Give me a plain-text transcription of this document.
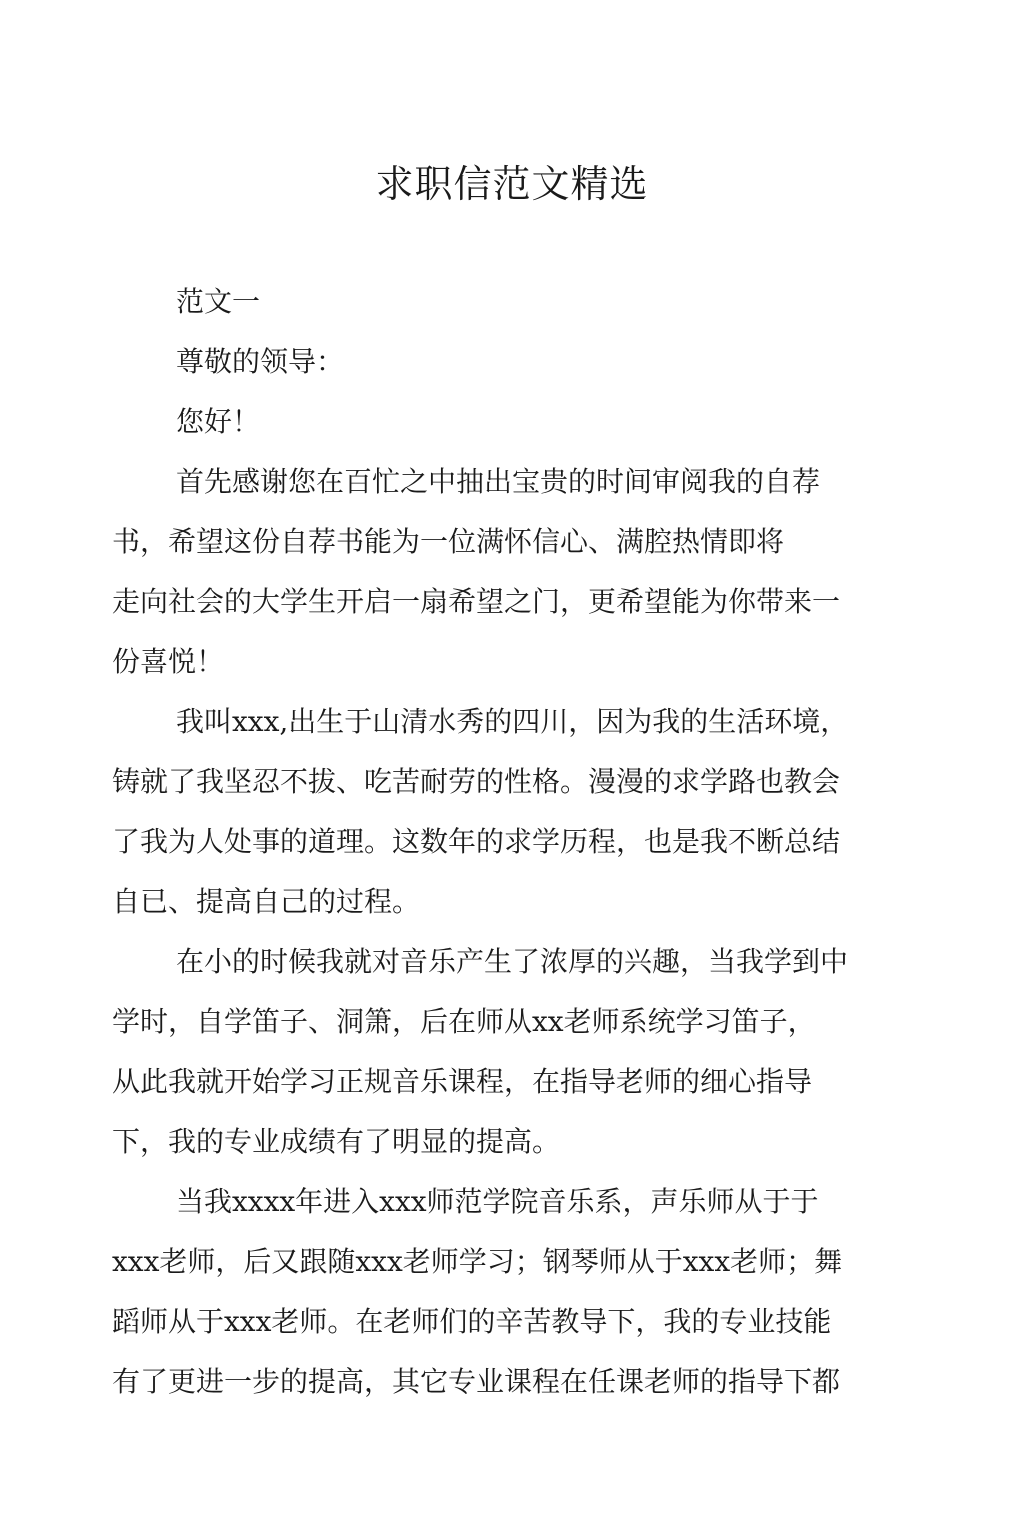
求职信范文精选
范文一
尊敬的领导：
您好！
首先感谢您在百忙之中抽出宝贵的时间审阅我的自荐
书，希望这份自荐书能为一位满怀信心、满腔热情即将
走向社会的大学生开启一扇希望之门，更希望能为你带来一
份喜悦！
我叫xxx,出生于山清水秀的四川，因为我的生活环境，
铸就了我坚忍不拔、吃苦耐劳的性格。漫漫的求学路也教会
了我为人处事的道理。这数年的求学历程，也是我不断总结
自已、提高自己的过程。
在小的时候我就对音乐产生了浓厚的兴趣，当我学到中
学时，自学笛子、洞箫，后在师从xx老师系统学习笛子，
从此我就开始学习正规音乐课程，在指导老师的细心指导
下，我的专业成绩有了明显的提高。
当我xxxx年进入xxx师范学院音乐系，声乐师从于于
xxx老师，后又跟随xxx老师学习；钢琴师从于xxx老师；舞
蹈师从于xxx老师。在老师们的辛苦教导下，我的专业技能
有了更进一步的提高，其它专业课程在任课老师的指导下都
